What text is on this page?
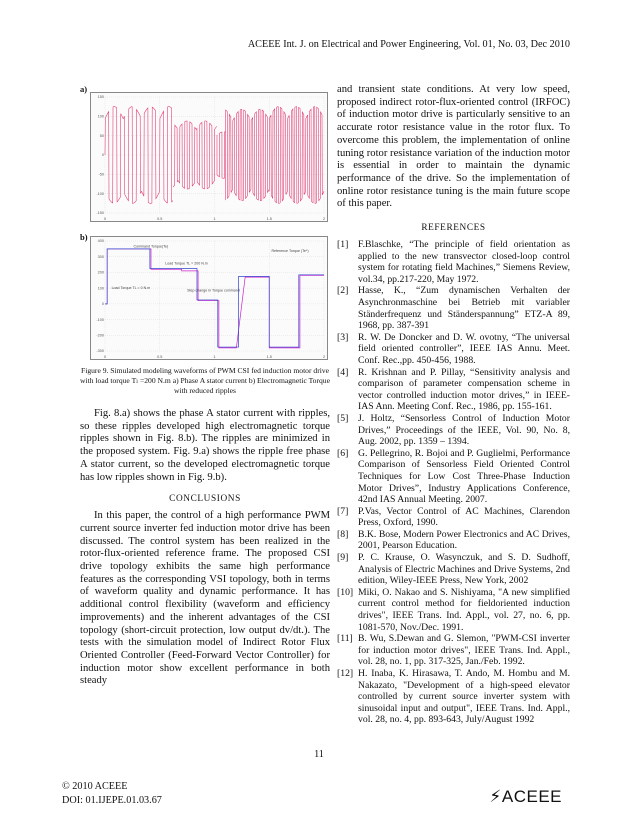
ACEEE Int. J. on Electrical and Power Engineering, Vol. 01, No. 03, Dec 2010
a)
150
100
50
0
-50
-100
-150
0	0.5	1	1.5	2
b)	400
300
200
100
0
-100
-200
-300
0	0.5	1	1.5	2
Command Torque(Te)
Reference Torque (Te*)
Load Torque TL = 200 N.m
Load Torque TL = 0 N.m
Step change in Torque command
Figure 9. Simulated modeling waveforms of PWM CSI fed induction motor drive with load torque Tₗ =200 N.m a) Phase A stator current b) Electromagnetic Torque with reduced ripples

Fig. 8.a) shows the phase A stator current with ripples, so these ripples developed high electromagnetic torque ripples shown in Fig. 8.b). The ripples are minimized in the proposed system. Fig. 9.a) shows the ripple free phase A stator current, so the developed electromagnetic torque has low ripples shown in Fig. 9.b).

CONCLUSIONS

In this paper, the control of a high performance PWM current source inverter fed induction motor drive has been discussed. The control system has been realized in the rotor-flux-oriented reference frame. The proposed CSI drive topology exhibits the same high performance features as the corresponding VSI topology, both in terms of waveform quality and dynamic performance. It has additional control flexibility (waveform and efficiency improvements) and the inherent advantages of the CSI topology (short-circuit protection, low output dv/dt.). The tests with the simulation model of Indirect Rotor Flux Oriented Controller (Feed-Forward Vector Controller) for induction motor show excellent performance in both steady

and transient state conditions. At very low speed, proposed indirect rotor-flux-oriented control (IRFOC) of induction motor drive is particularly sensitive to an accurate rotor resistance value in the rotor flux. To overcome this problem, the implementation of online tuning rotor resistance variation of the induction motor is essential in order to maintain the dynamic performance of the drive. So the implementation of online rotor resistance tuning is the main future scope of this paper.

REFERENCES
[1] F.Blaschke, “The principle of field orientation as applied to the new transvector closed-loop control system for rotating field Machines,” Siemens Review, vol.34, pp.217-220, May 1972.
[2] Hasse, K., “Zum dynamischen Verhalten der Asynchronmaschine bei Betrieb mit variabler Ständerfrequenz und Ständerspannung” ETZ-A 89, 1968, pp. 387-391
[3] R. W. De Doncker and D. W. ovotny, “The universal field oriented controller”, IEEE IAS Annu. Meet. Conf. Rec.,pp. 450-456, 1988.
[4] R. Krishnan and P. Pillay, “Sensitivity analysis and comparison of parameter compensation scheme in vector controlled induction motor drives,” in IEEE-IAS Ann. Meeting Conf. Rec., 1986, pp. 155-161.
[5] J. Holtz, “Sensorless Control of Induction Motor Drives,” Proceedings of the IEEE, Vol. 90, No. 8, Aug. 2002, pp. 1359 – 1394.
[6] G. Pellegrino, R. Bojoi and P. Guglielmi, Performance Comparison of Sensorless Field Oriented Control Techniques for Low Cost Three-Phase Induction Motor Drives”, Industry Applications Conference, 42nd IAS Annual Meeting. 2007.
[7] P.Vas, Vector Control of AC Machines, Clarendon Press, Oxford, 1990.
[8] B.K. Bose, Modern Power Electronics and AC Drives, 2001, Pearson Education.
[9] P. C. Krause, O. Wasynczuk, and S. D. Sudhoff, Analysis of Electric Machines and Drive Systems, 2nd edition, Wiley-IEEE Press, New York, 2002
[10] Miki, O. Nakao and S. Nishiyama, "A new simplified current control method for fieldoriented induction drives", IEEE Trans. Ind. Appl., vol. 27, no. 6, pp. 1081-570, Nov./Dec. 1991.
[11] B. Wu, S.Dewan and G. Slemon, "PWM-CSI inverter for induction motor drives", IEEE Trans. Ind. Appl., vol. 28, no. 1, pp. 317-325, Jan./Feb. 1992.
[12] H. Inaba, K. Hirasawa, T. Ando, M. Hombu and M. Nakazato, "Development of a high-speed elevator controlled by current source inverter system with sinusoidal input and output", IEEE Trans. Ind. Appl., vol. 28, no. 4, pp. 893-643, July/August 1992
11
© 2010 ACEEE
DOI: 01.IJEPE.01.03.67	⚡ACEEE
